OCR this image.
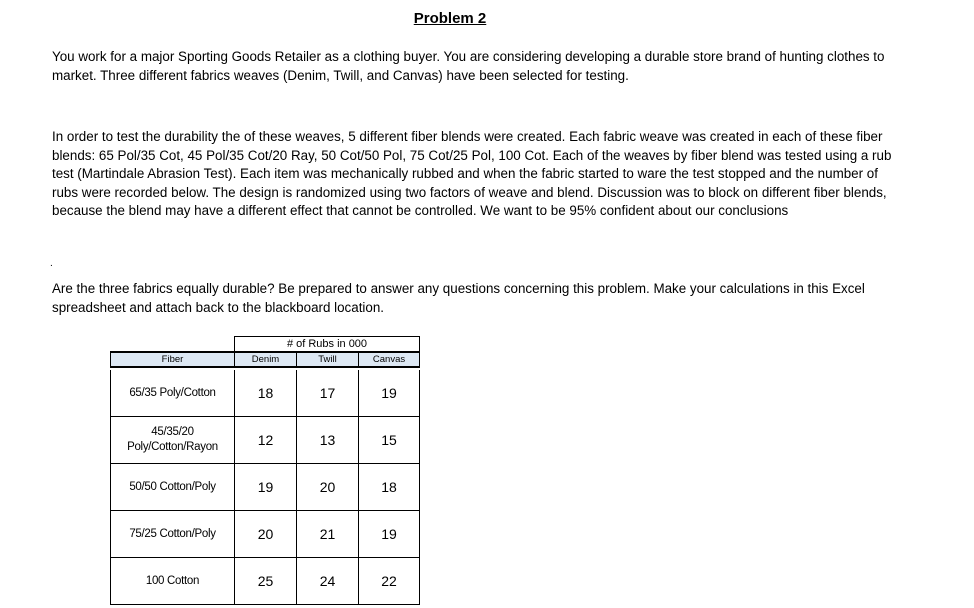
Problem 2

You work for a major Sporting Goods Retailer as a clothing buyer. You are considering developing a durable store brand of hunting clothes to market. Three different fabrics weaves (Denim, Twill, and Canvas) have been selected for testing.

In order to test the durability the of these weaves, 5 different fiber blends were created. Each fabric weave was created in each of these fiber blends: 65 Pol/35 Cot, 45 Pol/35 Cot/20 Ray, 50 Cot/50 Pol, 75 Cot/25 Pol, 100 Cot. Each of the weaves by fiber blend was tested using a rub test (Martindale Abrasion Test). Each item was mechanically rubbed and when the fabric started to ware the test stopped and the number of rubs were recorded below. The design is randomized using two factors of weave and blend. Discussion was to block on different fiber blends, because the blend may have a different effect that cannot be controlled. We want to be 95% confident about our conclusions

.

Are the three fabrics equally durable? Be prepared to answer any questions concerning this problem. Make your calculations in this Excel spreadsheet and attach back to the blackboard location.

# of Rubs in 000
Fiber	Denim	Twill	Canvas
65/35 Poly/Cotton	18	17	19
45/35/20
Poly/Cotton/Rayon	12	13	15
50/50 Cotton/Poly	19	20	18
75/25 Cotton/Poly	20	21	19
100 Cotton	25	24	22
